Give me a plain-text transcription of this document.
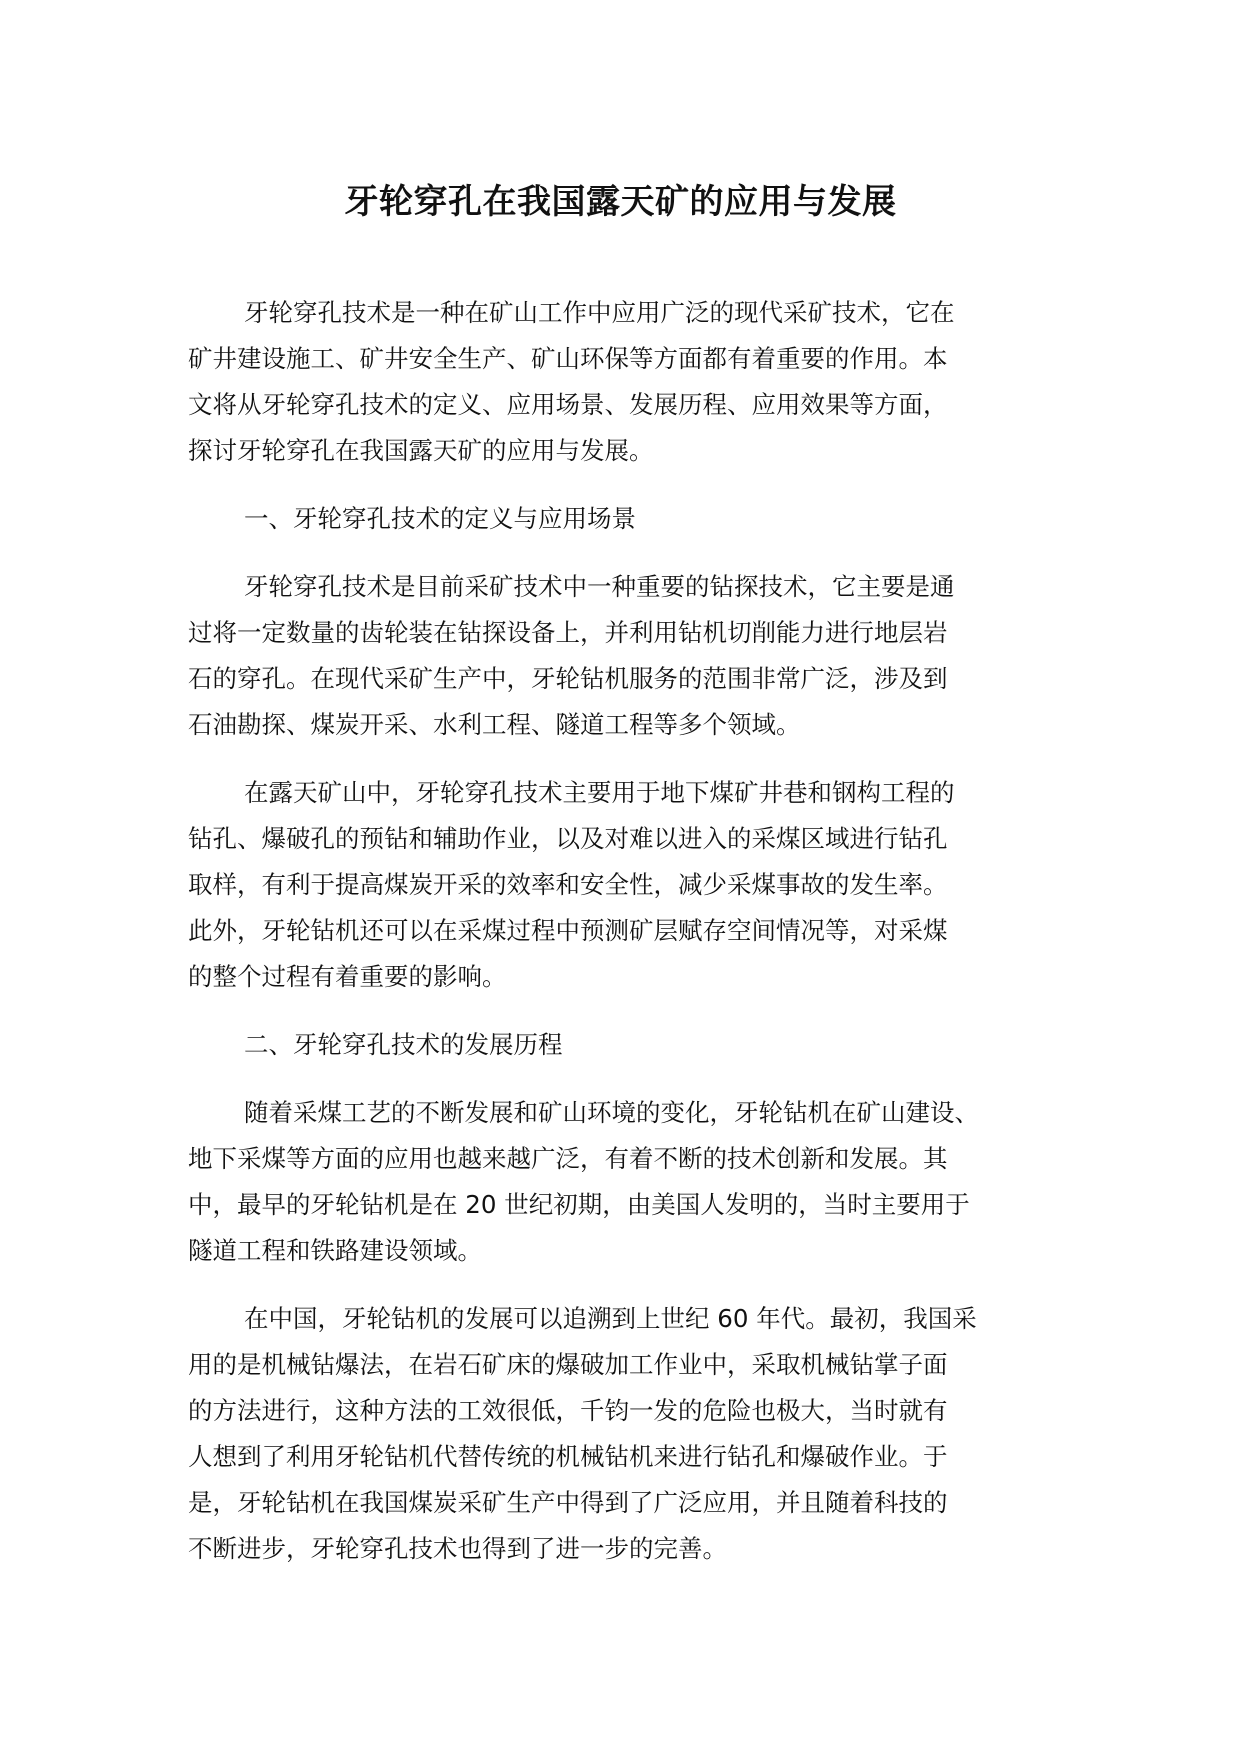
牙轮穿孔在我国露天矿的应用与发展
牙轮穿孔技术是一种在矿山工作中应用广泛的现代采矿技术，它在
矿井建设施工、矿井安全生产、矿山环保等方面都有着重要的作用。本
文将从牙轮穿孔技术的定义、应用场景、发展历程、应用效果等方面，
探讨牙轮穿孔在我国露天矿的应用与发展。
一、牙轮穿孔技术的定义与应用场景
牙轮穿孔技术是目前采矿技术中一种重要的钻探技术，它主要是通
过将一定数量的齿轮装在钻探设备上，并利用钻机切削能力进行地层岩
石的穿孔。在现代采矿生产中，牙轮钻机服务的范围非常广泛，涉及到
石油勘探、煤炭开采、水利工程、隧道工程等多个领域。
在露天矿山中，牙轮穿孔技术主要用于地下煤矿井巷和钢构工程的
钻孔、爆破孔的预钻和辅助作业，以及对难以进入的采煤区域进行钻孔
取样，有利于提高煤炭开采的效率和安全性，减少采煤事故的发生率。
此外，牙轮钻机还可以在采煤过程中预测矿层赋存空间情况等，对采煤
的整个过程有着重要的影响。
二、牙轮穿孔技术的发展历程
随着采煤工艺的不断发展和矿山环境的变化，牙轮钻机在矿山建设、
地下采煤等方面的应用也越来越广泛，有着不断的技术创新和发展。其
中，最早的牙轮钻机是在 20 世纪初期，由美国人发明的，当时主要用于
隧道工程和铁路建设领域。
在中国，牙轮钻机的发展可以追溯到上世纪 60 年代。最初，我国采
用的是机械钻爆法，在岩石矿床的爆破加工作业中，采取机械钻掌子面
的方法进行，这种方法的工效很低，千钧一发的危险也极大，当时就有
人想到了利用牙轮钻机代替传统的机械钻机来进行钻孔和爆破作业。于
是，牙轮钻机在我国煤炭采矿生产中得到了广泛应用，并且随着科技的
不断进步，牙轮穿孔技术也得到了进一步的完善。
